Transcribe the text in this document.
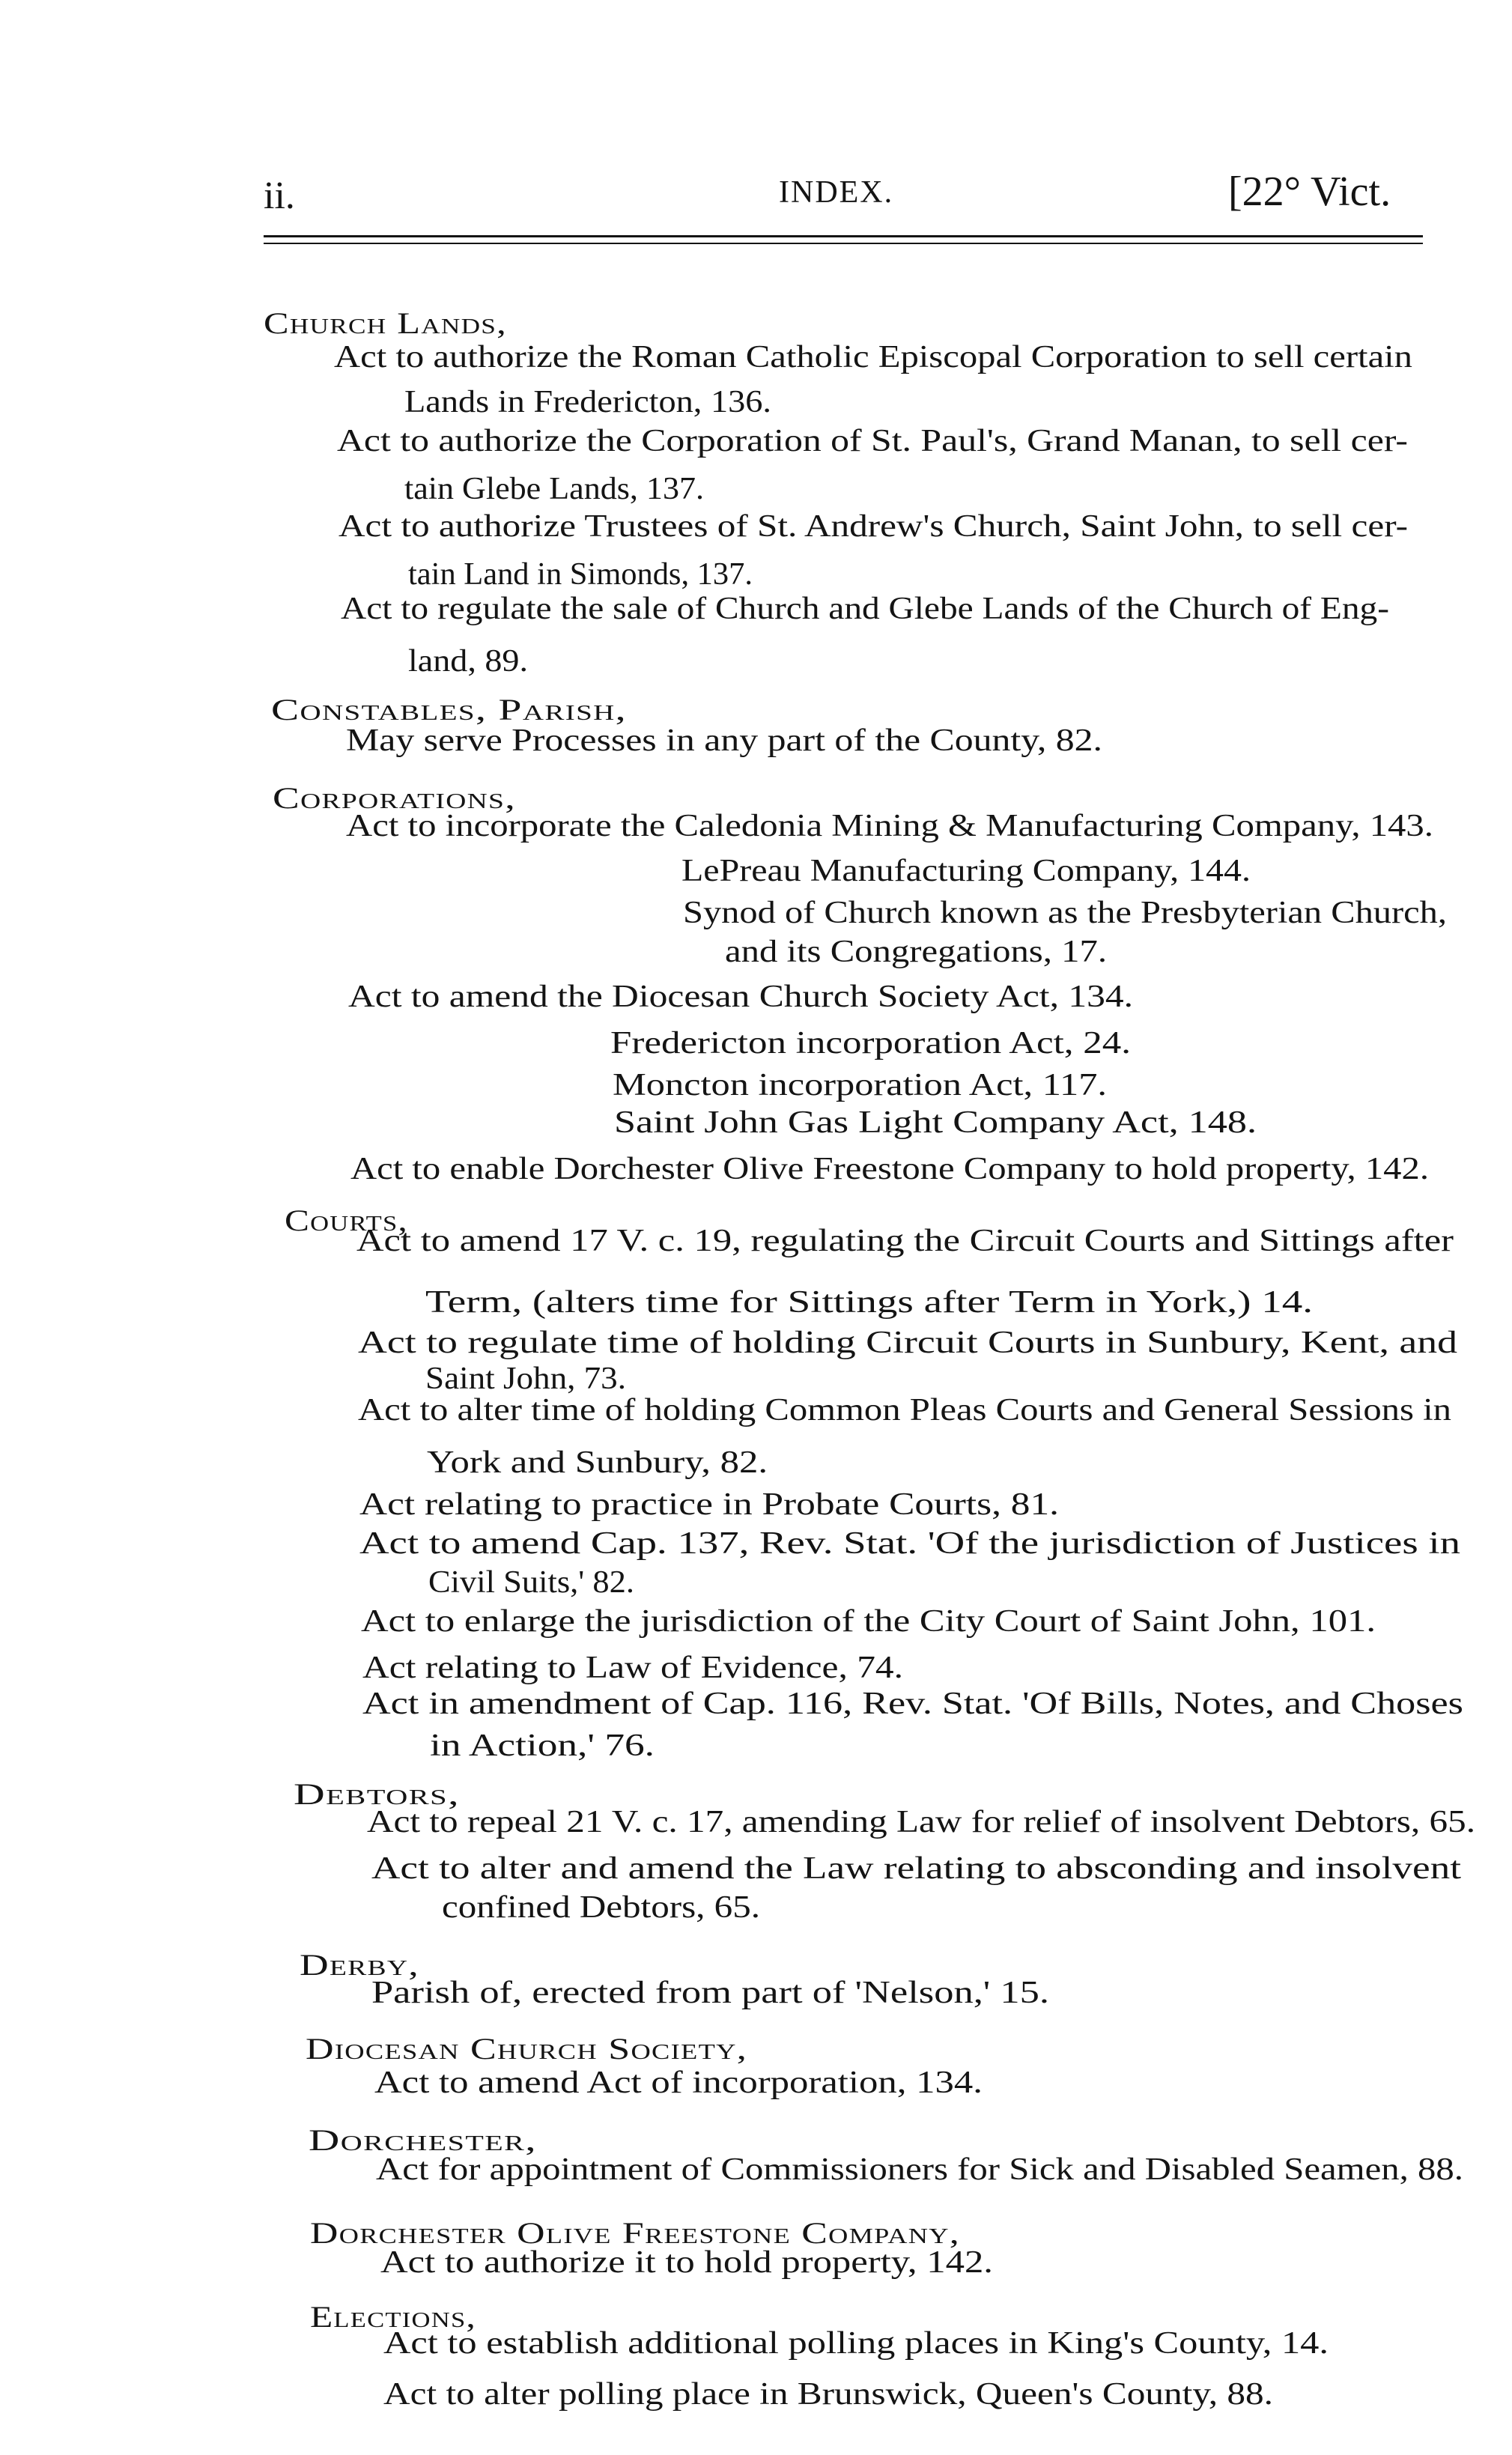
ii.	INDEX.	[22° Vict.
Church Lands,
Act to authorize the Roman Catholic Episcopal Corporation to sell certain
Lands in Fredericton, 136.
Act to authorize the Corporation of St. Paul's, Grand Manan, to sell cer-
tain Glebe Lands, 137.
Act to authorize Trustees of St. Andrew's Church, Saint John, to sell cer-
tain Land in Simonds, 137.
Act to regulate the sale of Church and Glebe Lands of the Church of Eng-
land, 89.
Constables, Parish,
May serve Processes in any part of the County, 82.
Corporations,
Act to incorporate the Caledonia Mining & Manufacturing Company, 143.
LePreau Manufacturing Company, 144.
Synod of Church known as the Presbyterian Church,
and its Congregations, 17.
Act to amend the Diocesan Church Society Act, 134.
Fredericton incorporation Act, 24.
Moncton incorporation Act, 117.
Saint John Gas Light Company Act, 148.
Act to enable Dorchester Olive Freestone Company to hold property, 142.
Courts,
Act to amend 17 V. c. 19, regulating the Circuit Courts and Sittings after
Term, (alters time for Sittings after Term in York,) 14.
Act to regulate time of holding Circuit Courts in Sunbury, Kent, and
Saint John, 73.
Act to alter time of holding Common Pleas Courts and General Sessions in
York and Sunbury, 82.
Act relating to practice in Probate Courts, 81.
Act to amend Cap. 137, Rev. Stat. 'Of the jurisdiction of Justices in
Civil Suits,' 82.
Act to enlarge the jurisdiction of the City Court of Saint John, 101.
Act relating to Law of Evidence, 74.
Act in amendment of Cap. 116, Rev. Stat. 'Of Bills, Notes, and Choses
in Action,' 76.
Debtors,
Act to repeal 21 V. c. 17, amending Law for relief of insolvent Debtors, 65.
Act to alter and amend the Law relating to absconding and insolvent
confined Debtors, 65.
Derby,
Parish of, erected from part of 'Nelson,' 15.
Diocesan Church Society,
Act to amend Act of incorporation, 134.
Dorchester,
Act for appointment of Commissioners for Sick and Disabled Seamen, 88.
Dorchester Olive Freestone Company,
Act to authorize it to hold property, 142.
Elections,
Act to establish additional polling places in King's County, 14.
Act to alter polling place in Brunswick, Queen's County, 88.
